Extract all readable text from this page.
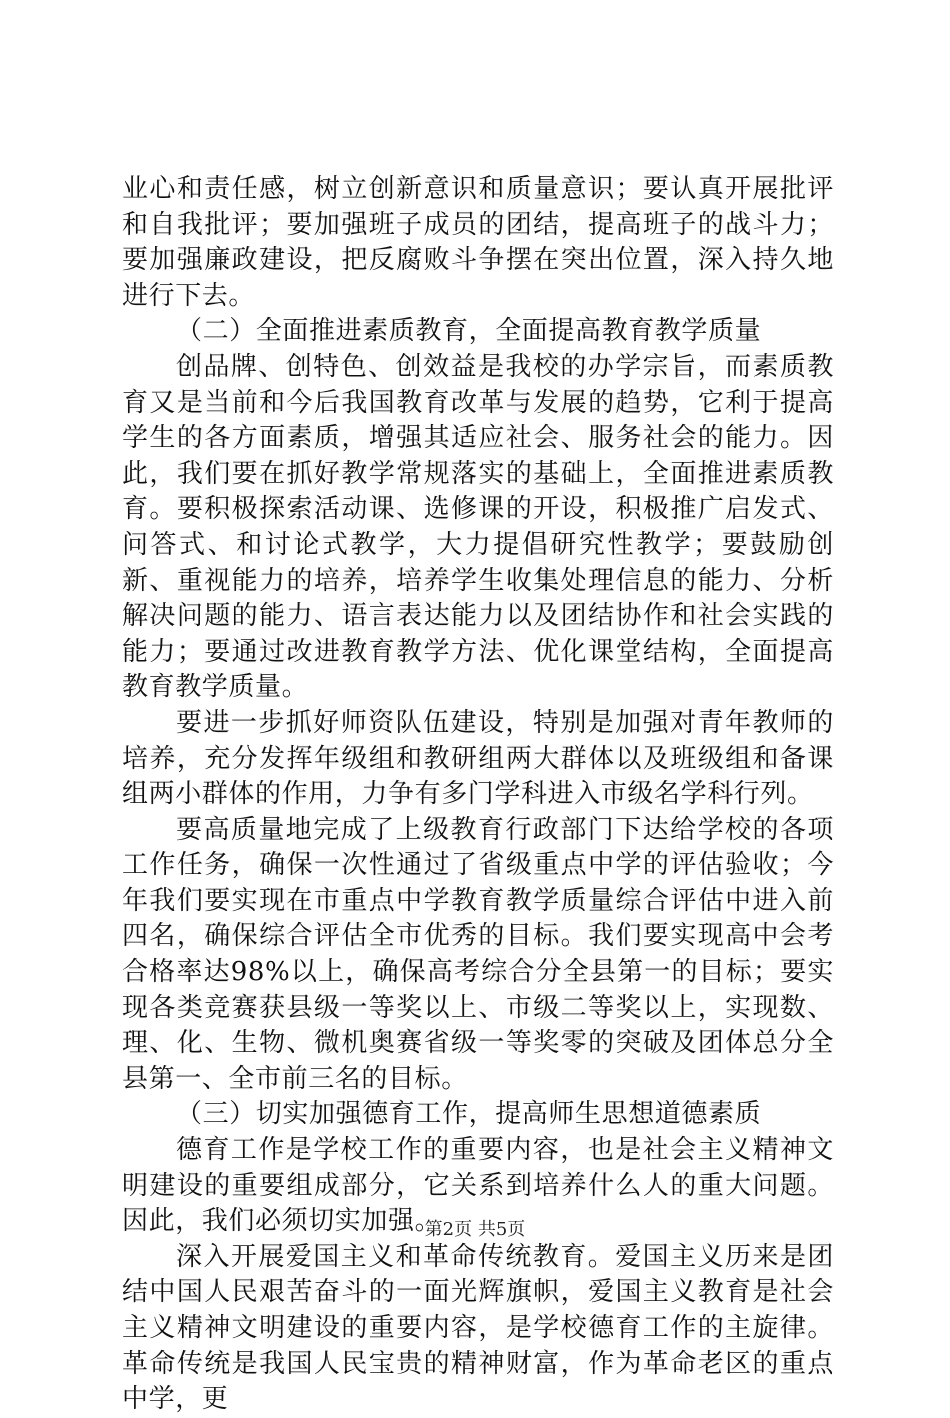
业心和责任感，树立创新意识和质量意识；要认真开展批评和自我批评；要加强班子成员的团结，提高班子的战斗力；要加强廉政建设，把反腐败斗争摆在突出位置，深入持久地进行下去。

（二）全面推进素质教育，全面提高教育教学质量

创品牌、创特色、创效益是我校的办学宗旨，而素质教育又是当前和今后我国教育改革与发展的趋势，它利于提高学生的各方面素质，增强其适应社会、服务社会的能力。因此，我们要在抓好教学常规落实的基础上，全面推进素质教育。要积极探索活动课、选修课的开设，积极推广启发式、问答式、和讨论式教学，大力提倡研究性教学；要鼓励创新、重视能力的培养，培养学生收集处理信息的能力、分析解决问题的能力、语言表达能力以及团结协作和社会实践的能力；要通过改进教育教学方法、优化课堂结构，全面提高教育教学质量。

要进一步抓好师资队伍建设，特别是加强对青年教师的培养，充分发挥年级组和教研组两大群体以及班级组和备课组两小群体的作用，力争有多门学科进入市级名学科行列。

要高质量地完成了上级教育行政部门下达给学校的各项工作任务，确保一次性通过了省级重点中学的评估验收；今年我们要实现在市重点中学教育教学质量综合评估中进入前四名，确保综合评估全市优秀的目标。我们要实现高中会考合格率达98%以上，确保高考综合分全县第一的目标；要实现各类竞赛获县级一等奖以上、市级二等奖以上，实现数、理、化、生物、微机奥赛省级一等奖零的突破及团体总分全县第一、全市前三名的目标。

（三）切实加强德育工作，提高师生思想道德素质

德育工作是学校工作的重要内容，也是社会主义精神文明建设的重要组成部分，它关系到培养什么人的重大问题。因此，我们必须切实加强。

深入开展爱国主义和革命传统教育。爱国主义历来是团结中国人民艰苦奋斗的一面光辉旗帜，爱国主义教育是社会主义精神文明建设的重要内容，是学校德育工作的主旋律。革命传统是我国人民宝贵的精神财富，作为革命老区的重点中学，更

第2页 共5页
